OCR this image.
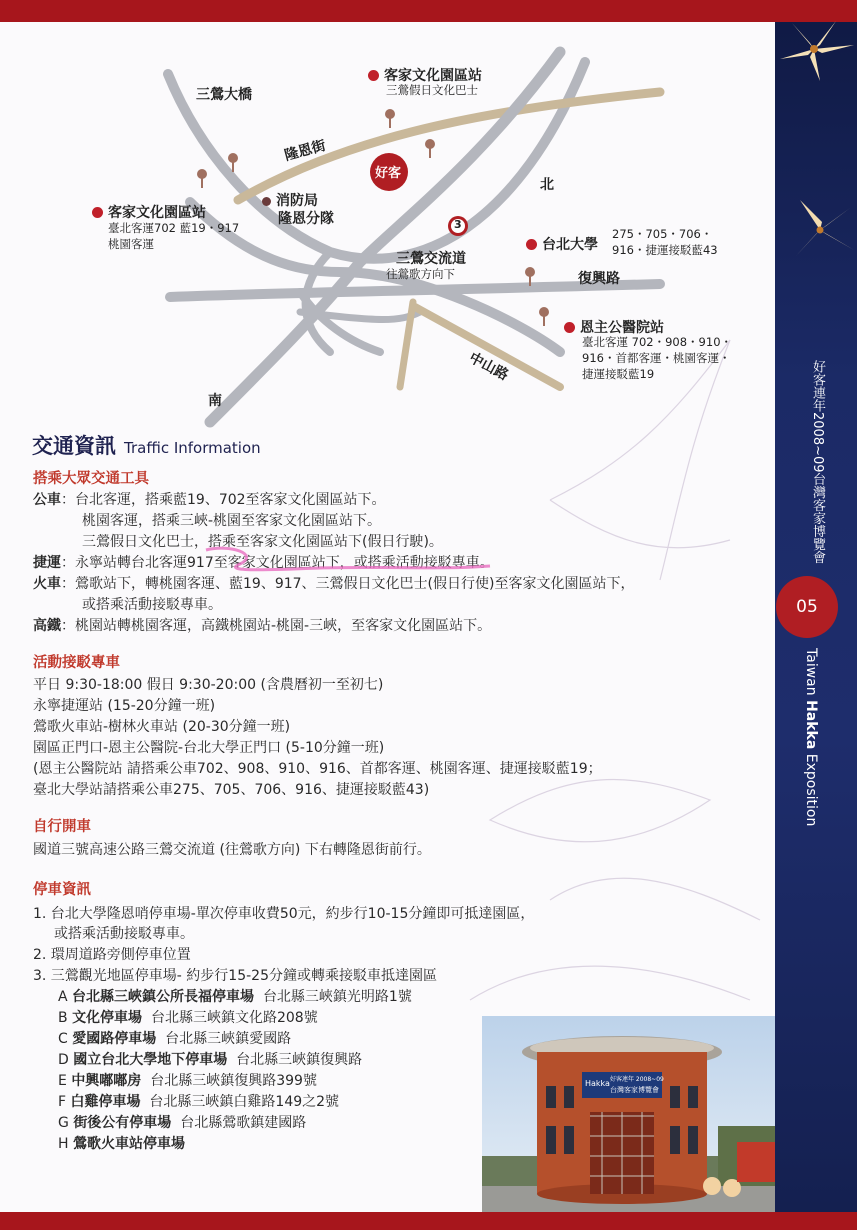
好客連年2008~09台灣客家博覽會
05
Taiwan Hakka Exposition
好客
3
三鶯大橋
隆恩街
客家文化園區站
三鶯假日文化巴士
客家文化園區站
臺北客運702 藍19・917
桃園客運
消防局
隆恩分隊
北
南
三鶯交流道
往鶯歌方向下
台北大學
275・705・706・
916・捷運接駁藍43
復興路
恩主公醫院站
臺北客運 702・908・910・
916・首都客運・桃園客運・
捷運接駁藍19
中山路
交通資訊 Traffic Information
搭乘大眾交通工具
公車：台北客運，搭乘藍19、702至客家文化園區站下。
桃園客運，搭乘三峽-桃園至客家文化園區站下。
三鶯假日文化巴士，搭乘至客家文化園區站下(假日行駛)。
捷運：永寧站轉台北客運917至客家文化園區站下，或搭乘活動接駁專車。
火車：鶯歌站下，轉桃園客運、藍19、917、三鶯假日文化巴士(假日行使)至客家文化園區站下，
或搭乘活動接駁專車。
高鐵：桃園站轉桃園客運，高鐵桃園站-桃園-三峽，至客家文化園區站下。
活動接駁專車
平日 9:30-18:00 假日 9:30-20:00 (含農曆初一至初七)
永寧捷運站 (15-20分鐘一班)
鶯歌火車站-樹林火車站 (20-30分鐘一班)
園區正門口-恩主公醫院-台北大學正門口 (5-10分鐘一班)
(恩主公醫院站 請搭乘公車702、908、910、916、首都客運、桃園客運、捷運接駁藍19；
臺北大學站請搭乘公車275、705、706、916、捷運接駁藍43)
自行開車
國道三號高速公路三鶯交流道 (往鶯歌方向) 下右轉隆恩街前行。
停車資訊
1. 台北大學隆恩哨停車場-單次停車收費50元，約步行10-15分鐘即可抵達園區，
或搭乘活動接駁專車。
2. 環周道路旁側停車位置
3. 三鶯觀光地區停車場- 約步行15-25分鐘或轉乘接駁車抵達園區
A 台北縣三峽鎮公所長福停車場 台北縣三峽鎮光明路1號
B 文化停車場 台北縣三峽鎮文化路208號
C 愛國路停車場 台北縣三峽鎮愛國路
D 國立台北大學地下停車場 台北縣三峽鎮復興路
E 中興嘟嘟房 台北縣三峽鎮復興路399號
F 白雞停車場 台北縣三峽鎮白雞路149之2號
G 街後公有停車場 台北縣鶯歌鎮建國路
H 鶯歌火車站停車場
Hakka 好客連年 2008~09
台灣客家博覽會
